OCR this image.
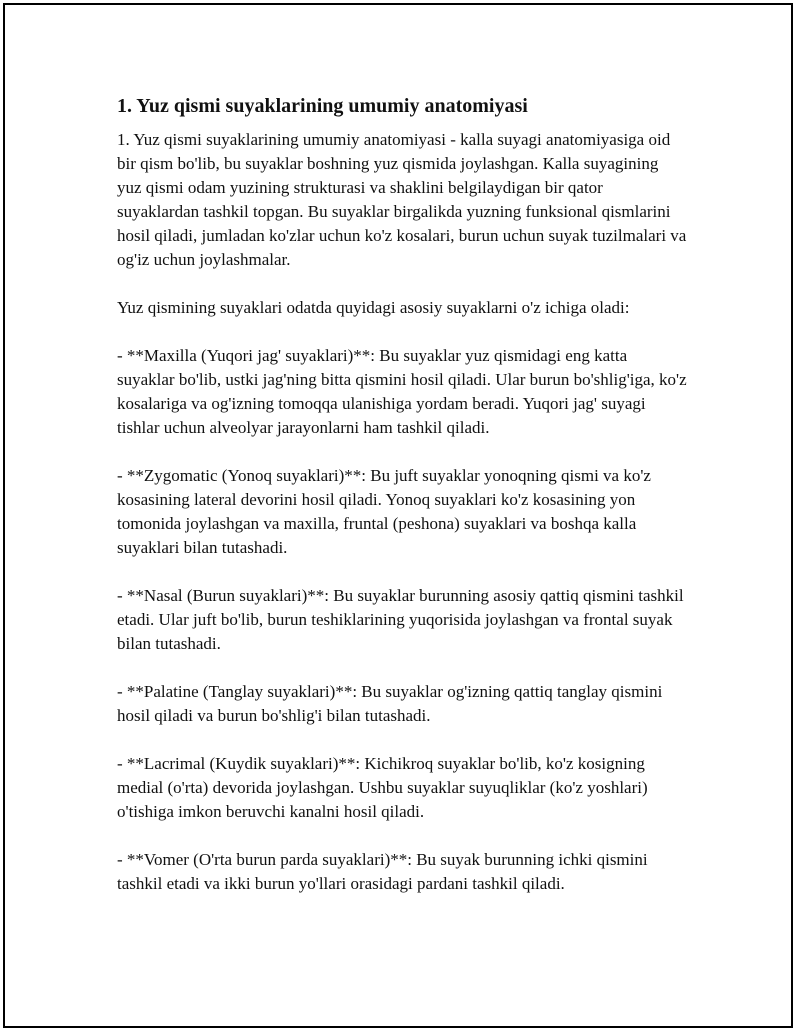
1. Yuz qismi suyaklarining umumiy anatomiyasi

1. Yuz qismi suyaklarining umumiy anatomiyasi - kalla suyagi anatomiyasiga oid bir qism bo'lib, bu suyaklar boshning yuz qismida joylashgan. Kalla suyagining yuz qismi odam yuzining strukturasi va shaklini belgilaydigan bir qator suyaklardan tashkil topgan. Bu suyaklar birgalikda yuzning funksional qismlarini hosil qiladi, jumladan ko'zlar uchun ko'z kosalari, burun uchun suyak tuzilmalari va og'iz uchun joylashmalar.

Yuz qismining suyaklari odatda quyidagi asosiy suyaklarni o'z ichiga oladi:

- **Maxilla (Yuqori jag' suyaklari)**: Bu suyaklar yuz qismidagi eng katta suyaklar bo'lib, ustki jag'ning bitta qismini hosil qiladi. Ular burun bo'shlig'iga, ko'z kosalariga va og'izning tomoqqa ulanishiga yordam beradi. Yuqori jag' suyagi tishlar uchun alveolyar jarayonlarni ham tashkil qiladi.

- **Zygomatic (Yonoq suyaklari)**: Bu juft suyaklar yonoqning qismi va ko'z kosasining lateral devorini hosil qiladi. Yonoq suyaklari ko'z kosasining yon tomonida joylashgan va maxilla, fruntal (peshona) suyaklari va boshqa kalla suyaklari bilan tutashadi.

- **Nasal (Burun suyaklari)**: Bu suyaklar burunning asosiy qattiq qismini tashkil etadi. Ular juft bo'lib, burun teshiklarining yuqorisida joylashgan va frontal suyak bilan tutashadi.

- **Palatine (Tanglay suyaklari)**: Bu suyaklar og'izning qattiq tanglay qismini hosil qiladi va burun bo'shlig'i bilan tutashadi.

- **Lacrimal (Kuydik suyaklari)**: Kichikroq suyaklar bo'lib, ko'z kosigning medial (o'rta) devorida joylashgan. Ushbu suyaklar suyuqliklar (ko'z yoshlari) o'tishiga imkon beruvchi kanalni hosil qiladi.

- **Vomer (O'rta burun parda suyaklari)**: Bu suyak burunning ichki qismini tashkil etadi va ikki burun yo'llari orasidagi pardani tashkil qiladi.
